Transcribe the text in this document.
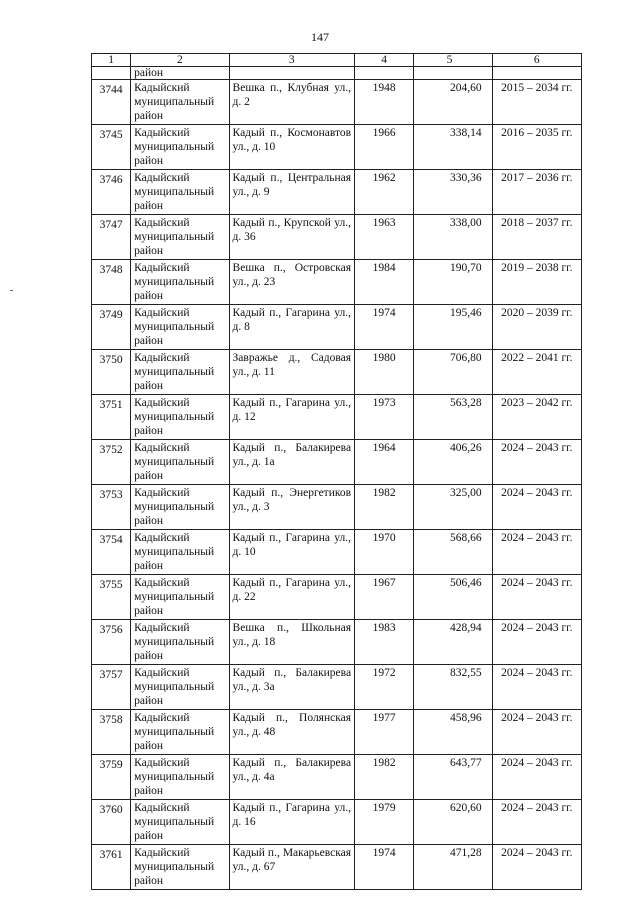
147
1	2	3	4	5	6
	район				
3744	Кадыйский муниципальный район	Вешка п., Клубная ул., д. 2	1948	204,60	2015 – 2034 гг.
3745	Кадыйский муниципальный район	Кадый п., Космонавтов ул., д. 10	1966	338,14	2016 – 2035 гг.
3746	Кадыйский муниципальный район	Кадый п., Центральная ул., д. 9	1962	330,36	2017 – 2036 гг.
3747	Кадыйский муниципальный район	Кадый п., Крупской ул., д. 36	1963	338,00	2018 – 2037 гг.
3748	Кадыйский муниципальный район	Вешка п., Островская ул., д. 23	1984	190,70	2019 – 2038 гг.
3749	Кадыйский муниципальный район	Кадый п., Гагарина ул., д. 8	1974	195,46	2020 – 2039 гг.
3750	Кадыйский муниципальный район	Завражье д., Садовая ул., д. 11	1980	706,80	2022 – 2041 гг.
3751	Кадыйский муниципальный район	Кадый п., Гагарина ул., д. 12	1973	563,28	2023 – 2042 гг.
3752	Кадыйский муниципальный район	Кадый п., Балакирева ул., д. 1а	1964	406,26	2024 – 2043 гг.
3753	Кадыйский муниципальный район	Кадый п., Энергетиков ул., д. 3	1982	325,00	2024 – 2043 гг.
3754	Кадыйский муниципальный район	Кадый п., Гагарина ул., д. 10	1970	568,66	2024 – 2043 гг.
3755	Кадыйский муниципальный район	Кадый п., Гагарина ул., д. 22	1967	506,46	2024 – 2043 гг.
3756	Кадыйский муниципальный район	Вешка п., Школьная ул., д. 18	1983	428,94	2024 – 2043 гг.
3757	Кадыйский муниципальный район	Кадый п., Балакирева ул., д. 3а	1972	832,55	2024 – 2043 гг.
3758	Кадыйский муниципальный район	Кадый п., Полянская ул., д. 48	1977	458,96	2024 – 2043 гг.
3759	Кадыйский муниципальный район	Кадый п., Балакирева ул., д. 4а	1982	643,77	2024 – 2043 гг.
3760	Кадыйский муниципальный район	Кадый п., Гагарина ул., д. 16	1979	620,60	2024 – 2043 гг.
3761	Кадыйский муниципальный район	Кадый п., Макарьевская ул., д. 67	1974	471,28	2024 – 2043 гг.
